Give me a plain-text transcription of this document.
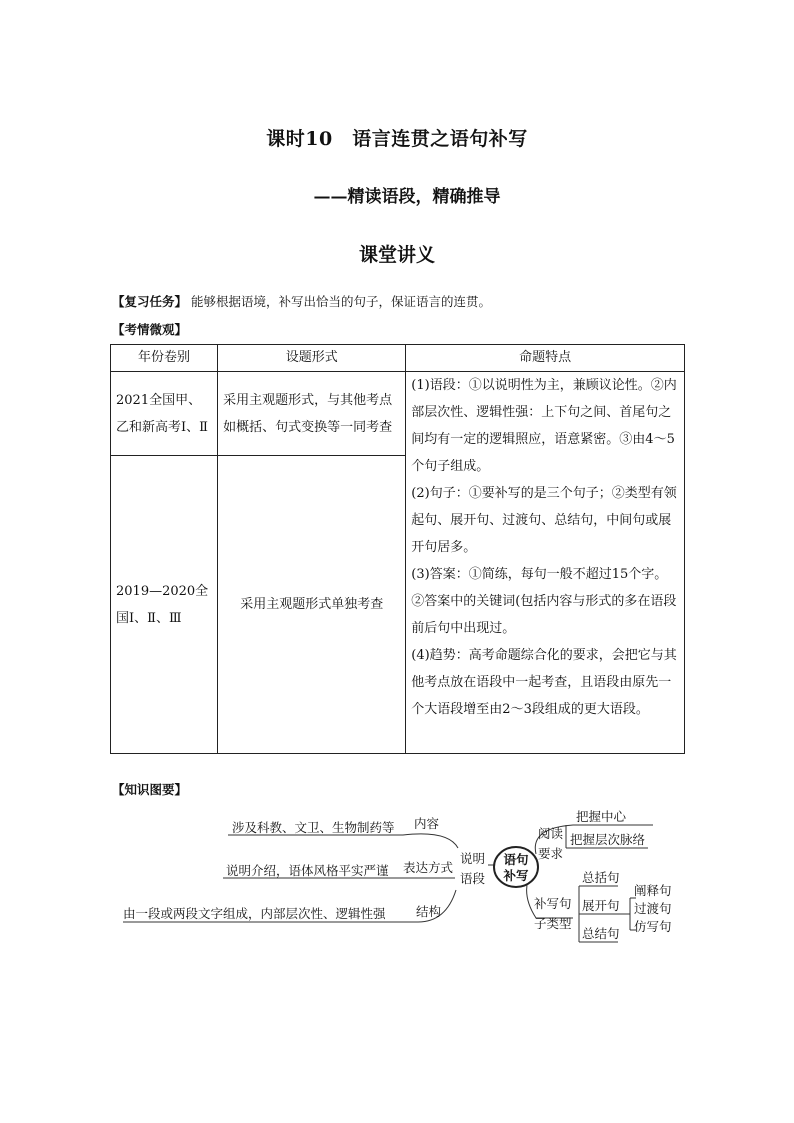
课时10　语言连贯之语句补写
——精读语段，精确推导
课堂讲义
【复习任务】 能够根据语境，补写出恰当的句子，保证语言的连贯。
【考情微观】
年份卷别	设题形式	命题特点
2021全国甲、乙和新高考Ⅰ、Ⅱ	采用主观题形式，与其他考点如概括、句式变换等一同考查	(1)语段：①以说明性为主，兼顾议论性。②内部层次性、逻辑性强：上下句之间、首尾句之间均有一定的逻辑照应，语意紧密。③由4～5个句子组成。

(2)句子：①要补写的是三个句子；②类型有领起句、展开句、过渡句、总结句，中间句或展开句居多。

(3)答案：①简练，每句一般不超过15个字。②答案中的关键词(包括内容与形式的多在语段前后句中出现过。

(4)趋势：高考命题综合化的要求，会把它与其他考点放在语段中一起考查，且语段由原先一个大语段增至由2～3段组成的更大语段。

2019—2020全国Ⅰ、Ⅱ、Ⅲ	采用主观题形式单独考查	
【知识图要】
语句
补写
说明
语段
内容
涉及科教、文卫、生物制药等
表达方式
说明介绍，语体风格平实严谨
结构
由一段或两段文字组成，内部层次性、逻辑性强
阅读
要求
把握中心
把握层次脉络
补写句
子类型
总括句
展开句
总结句
阐释句
过渡句
仿写句
